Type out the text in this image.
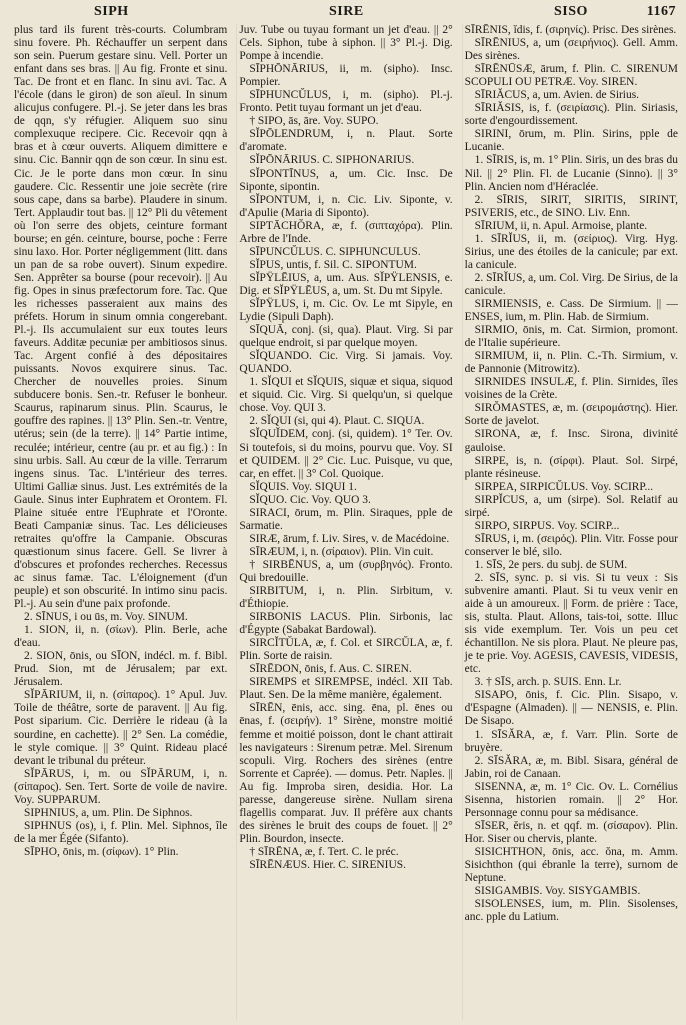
SIPH	SIRE	SISO	1167

plus tard ils furent très-courts. Columbram sinu fovere. Ph. Réchauffer un serpent dans son sein. Puerum gestare sinu. Vell. Porter un enfant dans ses bras. || Au fig. Fronte et sinu. Tac. De front et en flanc. In sinu avi. Tac. A l'école (dans le giron) de son aïeul. In sinum alicujus confugere. Pl.-j. Se jeter dans les bras de qqn, s'y réfugier. Aliquem suo sinu complexuque recipere. Cic. Recevoir qqn à bras et à cœur ouverts. Aliquem dimittere e sinu. Cic. Bannir qqn de son cœur. In sinu est. Cic. Je le porte dans mon cœur. In sinu gaudere. Cic. Ressentir une joie secrète (rire sous cape, dans sa barbe). Plaudere in sinum. Tert. Applaudir tout bas. || 12° Pli du vêtement où l'on serre des objets, ceinture formant bourse; en gén. ceinture, bourse, poche : Ferre sinu laxo. Hor. Porter négligemment (litt. dans un pan de sa robe ouvert). Sinum expedire. Sen. Apprêter sa bourse (pour recevoir). || Au fig. Opes in sinus præfectorum fore. Tac. Que les richesses passeraient aux mains des préfets. Horum in sinum omnia congerebant. Pl.-j. Ils accumulaient sur eux toutes leurs faveurs. Additæ pecuniæ per ambitiosos sinus. Tac. Argent confié à des dépositaires puissants. Novos exquirere sinus. Tac. Chercher de nouvelles proies. Sinum subducere bonis. Sen.-tr. Refuser le bonheur. Scaurus, rapinarum sinus. Plin. Scaurus, le gouffre des rapines. || 13° Plin. Sen.-tr. Ventre, utérus; sein (de la terre). || 14° Partie intime, reculée; intérieur, centre (au pr. et au fig.) : In sinu urbis. Sall. Au cœur de la ville. Terrarum ingens sinus. Tac. L'intérieur des terres. Ultimi Galliæ sinus. Just. Les extrémités de la Gaule. Sinus inter Euphratem et Orontem. Fl. Plaine située entre l'Euphrate et l'Oronte. Beati Campaniæ sinus. Tac. Les délicieuses retraites qu'offre la Campanie. Obscuras quæstionum sinus facere. Gell. Se livrer à d'obscures et profondes recherches. Recessus ac sinus famæ. Tac. L'éloignement (d'un peuple) et son obscurité. In intimo sinu pacis. Pl.-j. Au sein d'une paix profonde.

2. SĪNUS, i ou ūs, m. Voy. SINUM.

1. SION, ii, n. (σίων). Plin. Berle, ache d'eau.

2. SION, ōnis, ou SĪON, indécl. m. f. Bibl. Prud. Sion, mt de Jérusalem; par ext. Jérusalem.

SĬPĀRIUM, ii, n. (σίπαρος). 1° Apul. Juv. Toile de théâtre, sorte de paravent. || Au fig. Post siparium. Cic. Derrière le rideau (à la sourdine, en cachette). || 2° Sen. La comédie, le style comique. || 3° Quint. Rideau placé devant le tribunal du préteur.

SĬPĀRUS, i, m. ou SĬPĀRUM, i, n. (σίπαρος). Sen. Tert. Sorte de voile de navire. Voy. SUPPARUM.

SIPHNIUS, a, um. Plin. De Siphnos.

SIPHNUS (os), i, f. Plin. Mel. Siphnos, île de la mer Égée (Sifanto).

SĪPHO, ōnis, m. (σίφων). 1° Plin.

Juv. Tube ou tuyau formant un jet d'eau. || 2° Cels. Siphon, tube à siphon. || 3° Pl.-j. Dig. Pompe à incendie.

SĪPHŌNĀRIUS, ii, m. (sipho). Insc. Pompier.

SĪPHUNCŬLUS, i, m. (sipho). Pl.-j. Fronto. Petit tuyau formant un jet d'eau.

† SIPO, ās, āre. Voy. SUPO.

SĬPŌLENDRUM, i, n. Plaut. Sorte d'aromate.

SĬPŌNĀRIUS. C. SIPHONARIUS.

SĬPONTĪNUS, a, um. Cic. Insc. De Siponte, sipontin.

SĬPONTUM, i, n. Cic. Liv. Siponte, v. d'Apulie (Maria di Siponto).

SIPTĀCHŎRA, æ, f. (σιπταχόρα). Plin. Arbre de l'Inde.

SĪPUNCŬLUS. C. SIPHUNCULUS.

SĬPUS, untis, f. Sil. C. SIPONTUM.

SĬPŸLĒIUS, a, um. Aus. SĬPŸLENSIS, e. Dig. et SĬPŸLĒUS, a, um. St. Du mt Sipyle.

SĬPŸLUS, i, m. Cic. Ov. Le mt Sipyle, en Lydie (Sipuli Daph).

SĪQUĀ, conj. (si, qua). Plaut. Virg. Si par quelque endroit, si par quelque moyen.

SĬQUANDO. Cic. Virg. Si jamais. Voy. QUANDO.

1. SĬQUI et SĬQUIS, siquæ et siqua, siquod et siquid. Cic. Virg. Si quelqu'un, si quelque chose. Voy. QUI 3.

2. SĬQUI (si, qui 4). Plaut. C. SIQUA.

SĬQUĬDEM, conj. (si, quidem). 1° Ter. Ov. Si toutefois, si du moins, pourvu que. Voy. SI et QUIDEM. || 2° Cic. Luc. Puisque, vu que, car, en effet. || 3° Col. Quoique.

SĬQUIS. Voy. SIQUI 1.

SĬQUO. Cic. Voy. QUO 3.

SIRACI, ōrum, m. Plin. Siraques, pple de Sarmatie.

SIRÆ, ārum, f. Liv. Sires, v. de Macédoine.

SĪRÆUM, i, n. (σίραιον). Plin. Vin cuit.

† SIRBĒNUS, a, um (συρβηνός). Fronto. Qui bredouille.

SIRBITUM, i, n. Plin. Sirbitum, v. d'Éthiopie.

SIRBONIS LACUS. Plin. Sirbonis, lac d'Égypte (Sabakat Bardowal).

SIRCĬTŬLA, æ, f. Col. et SIRCŬLA, æ, f. Plin. Sorte de raisin.

SĪRĒDON, ōnis, f. Aus. C. SIREN.

SIREMPS et SIREMPSE, indécl. XII Tab. Plaut. Sen. De la même manière, également.

SĪRĒN, ēnis, acc. sing. ēna, pl. ēnes ou ēnas, f. (σειρήν). 1° Sirène, monstre moitié femme et moitié poisson, dont le chant attirait les navigateurs : Sirenum petræ. Mel. Sirenum scopuli. Virg. Rochers des sirènes (entre Sorrente et Caprée). — domus. Petr. Naples. || Au fig. Improba siren, desidia. Hor. La paresse, dangereuse sirène. Nullam sirena flagellis comparat. Juv. Il préfère aux chants des sirènes le bruit des coups de fouet. || 2° Plin. Bourdon, insecte.

† SĪRĒNA, æ, f. Tert. C. le préc.

SĪRĒNÆUS. Hier. C. SIRENIUS.

SĪRĒNIS, ĭdis, f. (σιρηνίς). Prisc. Des sirènes.

SĪRĒNIUS, a, um (σειρήνιος). Gell. Amm. Des sirènes.

SĪRĒNŪSÆ, ārum, f. Plin. C. SIRENUM SCOPULI OU PETRÆ. Voy. SIREN.

SĪRIĂCUS, a, um. Avien. de Sirius.

SĪRIĂSIS, is, f. (σειρίασις). Plin. Siriasis, sorte d'engourdissement.

SIRINI, ōrum, m. Plin. Sirins, pple de Lucanie.

1. SĪRIS, is, m. 1° Plin. Siris, un des bras du Nil. || 2° Plin. Fl. de Lucanie (Sinno). || 3° Plin. Ancien nom d'Héraclée.

2. SĪRIS, SIRIT, SIRITIS, SIRINT, PSIVERIS, etc., de SINO. Liv. Enn.

SĪRIUM, ii, n. Apul. Armoise, plante.

1. SĪRĬUS, ii, m. (σείριος). Virg. Hyg. Sirius, une des étoiles de la canicule; par ext. la canicule.

2. SĪRĬUS, a, um. Col. Virg. De Sirius, de la canicule.

SIRMIENSIS, e. Cass. De Sirmium. || — ENSES, ium, m. Plin. Hab. de Sirmium.

SIRMIO, ōnis, m. Cat. Sirmion, promont. de l'Italie supérieure.

SIRMIUM, ii, n. Plin. C.-Th. Sirmium, v. de Pannonie (Mitrowitz).

SIRNIDES INSULÆ, f. Plin. Sirnides, îles voisines de la Crète.

SIRŎMASTES, æ, m. (σειρομάστης). Hier. Sorte de javelot.

SIRONA, æ, f. Insc. Sirona, divinité gauloise.

SIRPE, is, n. (σίρφι). Plaut. Sol. Sirpé, plante résineuse.

SIRPEA, SIRPICŬLUS. Voy. SCIRP...

SIRPĬCUS, a, um (sirpe). Sol. Relatif au sirpé.

SIRPO, SIRPUS. Voy. SCIRP...

SĪRUS, i, m. (σειρός). Plin. Vitr. Fosse pour conserver le blé, silo.

1. SĪS, 2e pers. du subj. de SUM.

2. SĪS, sync. p. si vis. Si tu veux : Sis subvenire amanti. Plaut. Si tu veux venir en aide à un amoureux. || Form. de prière : Tace, sis, stulta. Plaut. Allons, tais-toi, sotte. Illuc sis vide exemplum. Ter. Vois un peu cet échantillon. Ne sis plora. Plaut. Ne pleure pas, je te prie. Voy. AGESIS, CAVESIS, VIDESIS, etc.

3. † SĪS, arch. p. SUIS. Enn. Lr.

SISAPO, ōnis, f. Cic. Plin. Sisapo, v. d'Espagne (Almaden). || — NENSIS, e. Plin. De Sisapo.

1. SĪSĂRA, æ, f. Varr. Plin. Sorte de bruyère.

2. SĪSĂRA, æ, m. Bibl. Sisara, général de Jabin, roi de Canaan.

SISENNA, æ, m. 1° Cic. Ov. L. Cornélius Sisenna, historien romain. || 2° Hor. Personnage connu pour sa médisance.

SĪSER, ĕris, n. et qqf. m. (σίσαρον). Plin. Hor. Siser ou chervis, plante.

SISICHTHON, ōnis, acc. ŏna, m. Amm. Sisichthon (qui ébranle la terre), surnom de Neptune.

SISIGAMBIS. Voy. SISYGAMBIS.

SISOLENSES, ium, m. Plin. Sisolenses, anc. pple du Latium.
